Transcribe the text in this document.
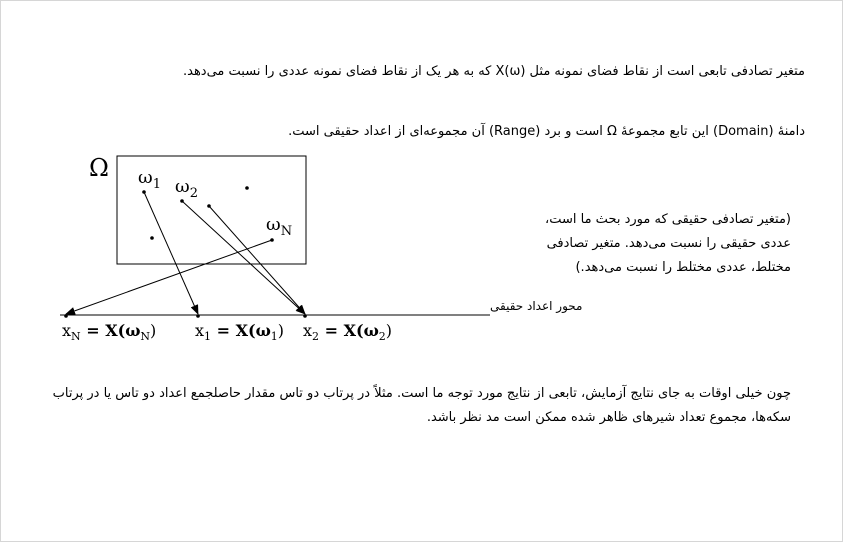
متغیر تصادفی تابعی است از نقاط فضای نمونه مثل X(ω) که به هر یک از نقاط فضای نمونه عددی را نسبت می‌دهد.
دامنهٔ (Domain) این تابع مجموعهٔ Ω است و برد (Range) آن مجموعه‌ای از اعداد حقیقی است.
(متغیر تصادفی حقیقی که مورد بحث ما است،
عددی حقیقی را نسبت می‌دهد. متغیر تصادفی
مختلط، عددی مختلط را نسبت می‌دهد.)
چون خیلی اوقات به جای نتایج آزمایش، تابعی از نتایج مورد توجه ما است. مثلاً در پرتاب دو تاس مقدار حاصلجمع اعداد دو تاس یا در پرتاب سکه‌ها، مجموع تعداد شیرهای ظاهر شده ممکن است مد نظر باشد.
Ω $\omega_1$ $\omega_2$
$\omega_N$
محور اعداد حقیقی
$x_N = X(\omega_N) x_1 = X(\omega_1) x_2 = X(\omega_2)$
